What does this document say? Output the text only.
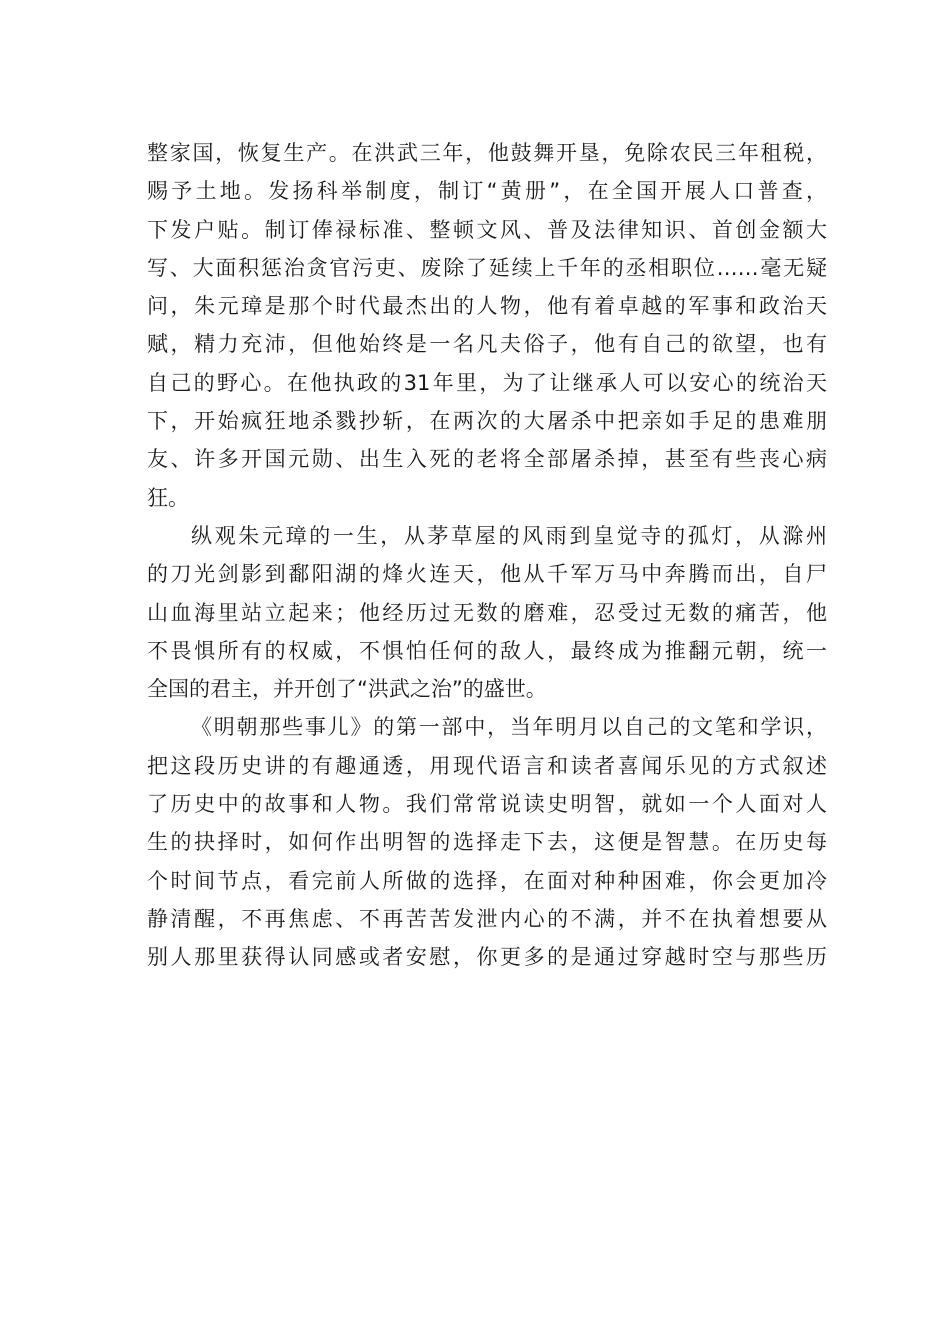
整家国，恢复生产。在洪武三年，他鼓舞开垦，免除农民三年租税，
赐予土地。发扬科举制度，制订“黄册”，在全国开展人口普查，
下发户贴。制订俸禄标准、整顿文风、普及法律知识、首创金额大
写、大面积惩治贪官污吏、废除了延续上千年的丞相职位……毫无疑
问，朱元璋是那个时代最杰出的人物，他有着卓越的军事和政治天
赋，精力充沛，但他始终是一名凡夫俗子，他有自己的欲望，也有
自己的野心。在他执政的31年里，为了让继承人可以安心的统治天
下，开始疯狂地杀戮抄斩，在两次的大屠杀中把亲如手足的患难朋
友、许多开国元勋、出生入死的老将全部屠杀掉，甚至有些丧心病
狂。
纵观朱元璋的一生，从茅草屋的风雨到皇觉寺的孤灯，从滁州
的刀光剑影到鄱阳湖的烽火连天，他从千军万马中奔腾而出，自尸
山血海里站立起来；他经历过无数的磨难，忍受过无数的痛苦，他
不畏惧所有的权威，不惧怕任何的敌人，最终成为推翻元朝，统一
全国的君主，并开创了“洪武之治”的盛世。
《明朝那些事儿》的第一部中，当年明月以自己的文笔和学识，
把这段历史讲的有趣通透，用现代语言和读者喜闻乐见的方式叙述
了历史中的故事和人物。我们常常说读史明智，就如一个人面对人
生的抉择时，如何作出明智的选择走下去，这便是智慧。在历史每
个时间节点，看完前人所做的选择，在面对种种困难，你会更加冷
静清醒，不再焦虑、不再苦苦发泄内心的不满，并不在执着想要从
别人那里获得认同感或者安慰，你更多的是通过穿越时空与那些历
